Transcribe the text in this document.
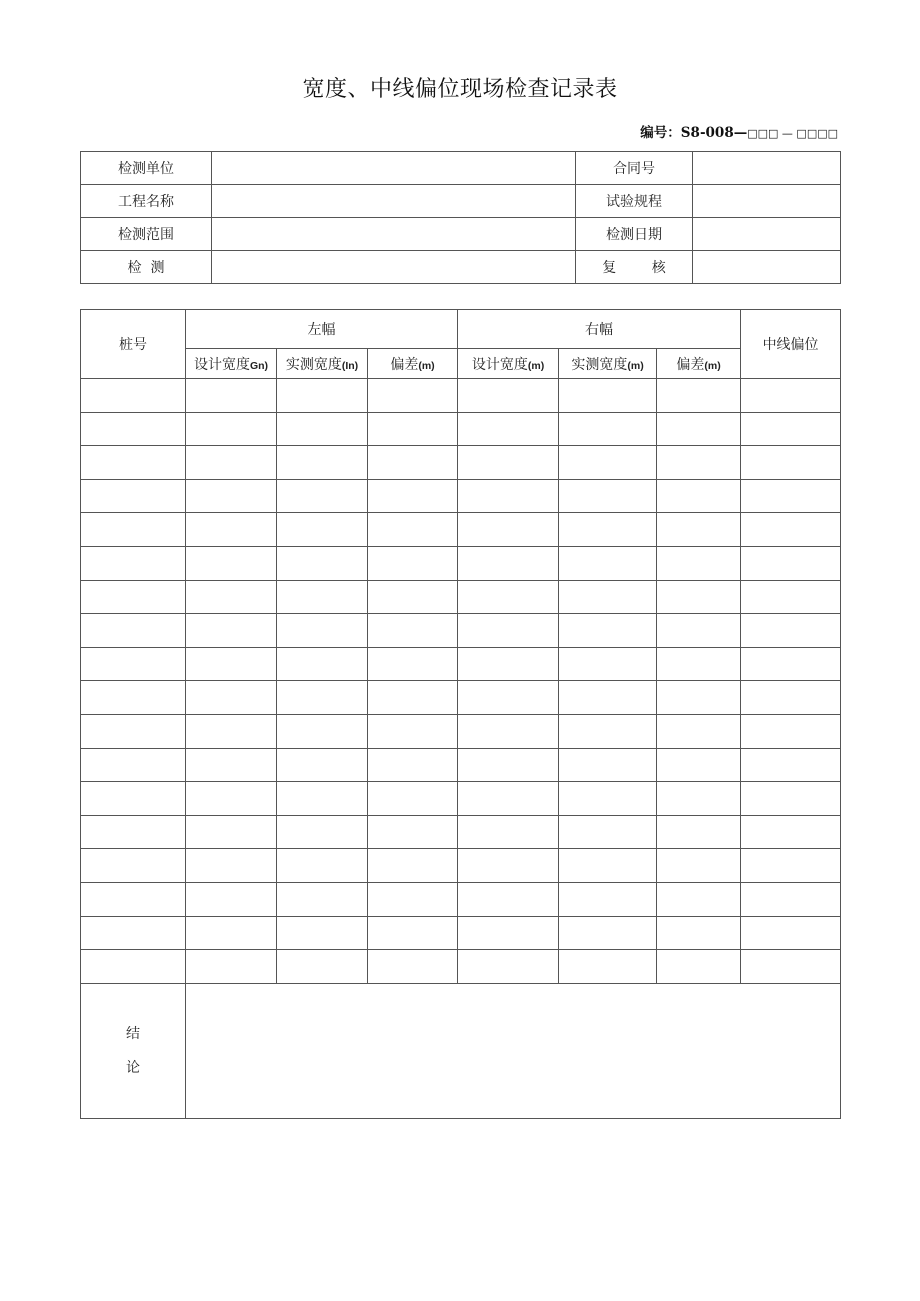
宽度、中线偏位现场检查记录表
编号：S8-008—□□□ — □□□□
检测单位		合同号	
工程名称		试验规程	
检测范围		检测日期	
检  测		复        核	
桩号	左幅			右幅			中线偏位
	设计宽度Gn)	实测宽度(In)	偏差(m)	设计宽度(m)	实测宽度(m)	偏差(m)	

结
论							
